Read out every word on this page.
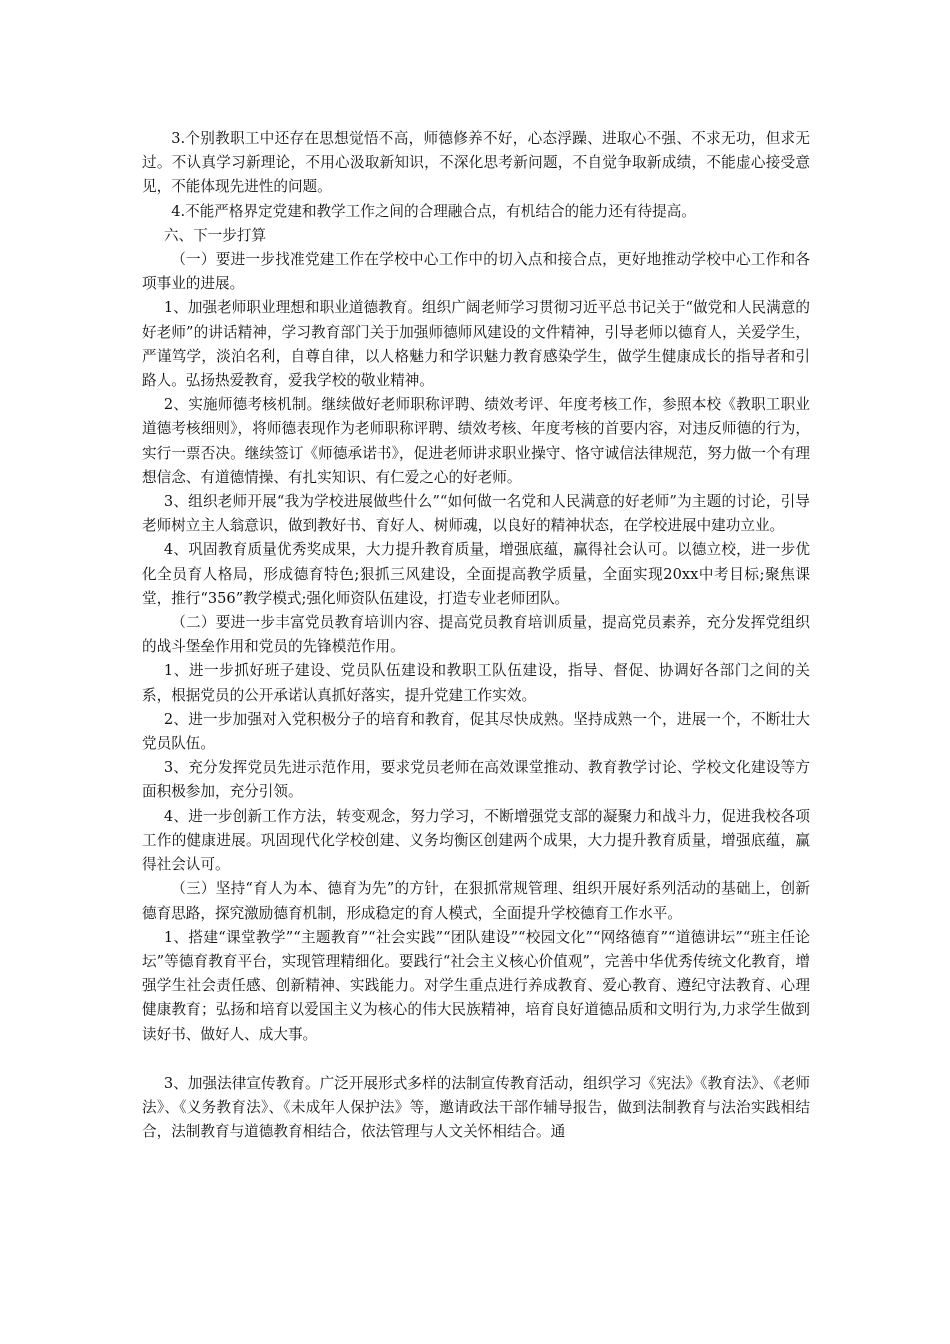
3.个别教职工中还存在思想觉悟不高，师德修养不好，心态浮躁、进取心不强、不求无功，但求无过。不认真学习新理论，不用心汲取新知识，不深化思考新问题，不自觉争取新成绩，不能虚心接受意见，不能体现先进性的问题。

4.不能严格界定党建和教学工作之间的合理融合点，有机结合的能力还有待提高。

六、下一步打算

（一）要进一步找准党建工作在学校中心工作中的切入点和接合点，更好地推动学校中心工作和各项事业的进展。

1、加强老师职业理想和职业道德教育。组织广阔老师学习贯彻习近平总书记关于“做党和人民满意的好老师”的讲话精神，学习教育部门关于加强师德师风建设的文件精神，引导老师以德育人，关爱学生，严谨笃学，淡泊名利，自尊自律，以人格魅力和学识魅力教育感染学生，做学生健康成长的指导者和引路人。弘扬热爱教育，爱我学校的敬业精神。

2、实施师德考核机制。继续做好老师职称评聘、绩效考评、年度考核工作，参照本校《教职工职业道德考核细则》，将师德表现作为老师职称评聘、绩效考核、年度考核的首要内容，对违反师德的行为，实行一票否决。继续签订《师德承诺书》，促进老师讲求职业操守、恪守诚信法律规范，努力做一个有理想信念、有道德情操、有扎实知识、有仁爱之心的好老师。

3、组织老师开展“我为学校进展做些什么”“如何做一名党和人民满意的好老师”为主题的讨论，引导老师树立主人翁意识，做到教好书、育好人、树师魂，以良好的精神状态，在学校进展中建功立业。

4、巩固教育质量优秀奖成果，大力提升教育质量，增强底蕴，赢得社会认可。以德立校，进一步优化全员育人格局，形成德育特色;狠抓三风建设，全面提高教学质量，全面实现20xx中考目标;聚焦课堂，推行“356”教学模式;强化师资队伍建设，打造专业老师团队。

（二）要进一步丰富党员教育培训内容、提高党员教育培训质量，提高党员素养，充分发挥党组织的战斗堡垒作用和党员的先锋模范作用。

1、进一步抓好班子建设、党员队伍建设和教职工队伍建设，指导、督促、协调好各部门之间的关系，根据党员的公开承诺认真抓好落实，提升党建工作实效。

2、进一步加强对入党积极分子的培育和教育，促其尽快成熟。坚持成熟一个，进展一个，不断壮大党员队伍。

3、充分发挥党员先进示范作用，要求党员老师在高效课堂推动、教育教学讨论、学校文化建设等方面积极参加，充分引领。

4、进一步创新工作方法，转变观念，努力学习，不断增强党支部的凝聚力和战斗力，促进我校各项工作的健康进展。巩固现代化学校创建、义务均衡区创建两个成果，大力提升教育质量，增强底蕴，赢得社会认可。

（三）坚持“育人为本、德育为先”的方针，在狠抓常规管理、组织开展好系列活动的基础上，创新德育思路，探究激励德育机制，形成稳定的育人模式，全面提升学校德育工作水平。

1、搭建“课堂教学”“主题教育”“社会实践”“团队建设”“校园文化”“网络德育”“道德讲坛”“班主任论坛”等德育教育平台，实现管理精细化。要践行“社会主义核心价值观”，完善中华优秀传统文化教育，增强学生社会责任感、创新精神、实践能力。对学生重点进行养成教育、爱心教育、遵纪守法教育、心理健康教育；弘扬和培育以爱国主义为核心的伟大民族精神，培育良好道德品质和文明行为,力求学生做到读好书、做好人、成大事。

3、加强法律宣传教育。广泛开展形式多样的法制宣传教育活动，组织学习《宪法》《教育法》、《老师法》、《义务教育法》、《未成年人保护法》等，邀请政法干部作辅导报告，做到法制教育与法治实践相结合，法制教育与道德教育相结合，依法管理与人文关怀相结合。通
